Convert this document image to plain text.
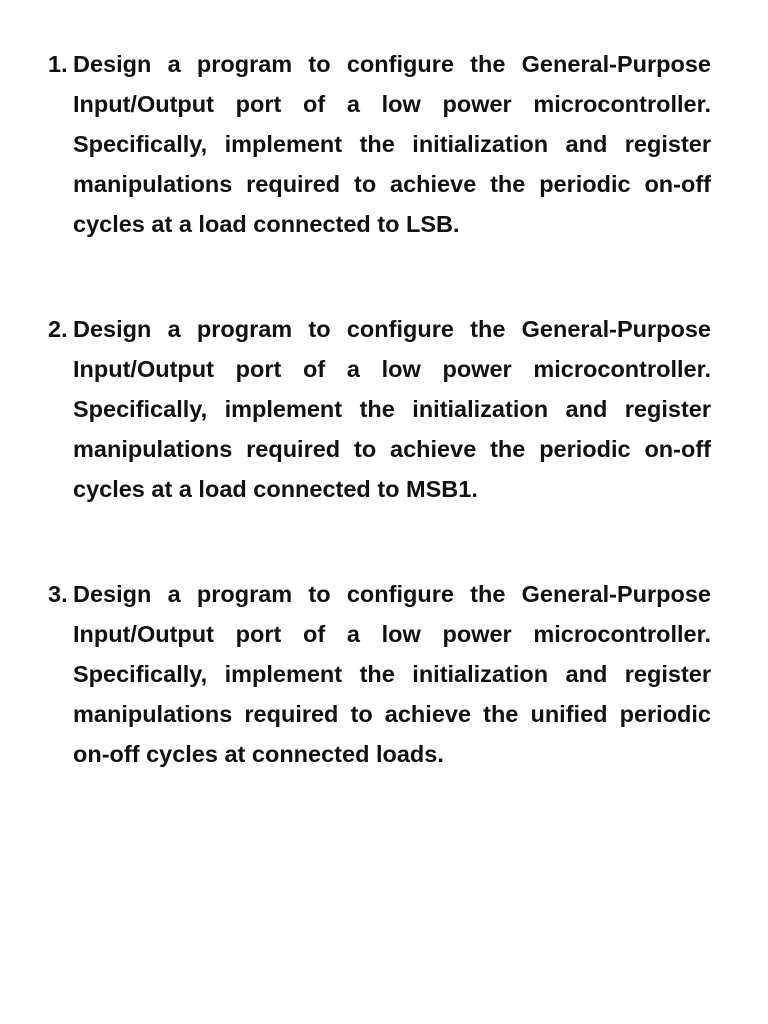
1. Design a program to configure the General-Purpose Input/Output port of a low power microcontroller. Specifically, implement the initialization and register manipulations required to achieve the periodic on-off cycles at a load connected to LSB.
2. Design a program to configure the General-Purpose Input/Output port of a low power microcontroller. Specifically, implement the initialization and register manipulations required to achieve the periodic on-off cycles at a load connected to MSB1.
3. Design a program to configure the General-Purpose Input/Output port of a low power microcontroller. Specifically, implement the initialization and register manipulations required to achieve the unified periodic on-off cycles at connected loads.
